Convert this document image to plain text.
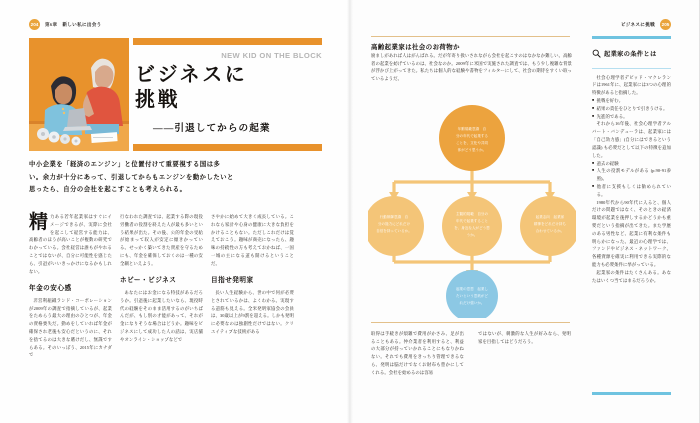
204	第6章 新しい私に出会う
NEW KID ON THE BLOCK
ビジネスに
挑戦
――引退してからの起業
中小企業を「経済のエンジン」と位置付けて重要視する国は多い。余力が十分にあって、引退してからもエンジンを動かしたいと思ったら、自分の会社を起こすことも考えられる。
精 力ある若年起業家はすぐにイメージできるが、実際に会社を起こして経営する能力は、高齢者のほうが高いことが複数の研究でわかっている。会社経営は誰もがやれることではないが、自分に可能性を感じたら、引退がいいきっかけになるかもしれない。
年金の安心感

非営利組織ランド・コーポレーションが2009年の調査で指摘しているが、起業をためらう最大の理由のひとつが、年金の資格喪失だ。勤めをしていれば年金が確保され老後も安心だというのに、それを捨てるのは大きな賭けだし、無謀ですらある。そのいっぽう、2015年にカナダで

行なわれた調査では、起業する際の現役労働者の役割を終えた人が最も多いという結果が出た。その後、公的年金の受給が始まって収入が安定に傾きかっている。せっかく築いてきた資産を守るためにも、年金を確保しておくのは一種の安全網といえよう。

ホビー・ビジネス

あなたにはお金になる特技があるだろうか。引退後に起業したいなら、現役時代の経験をそのまま活用するのがいちばんだが、もし別の才能があって、それが金になりそうな場合はどうか。趣味をビジネスにして成功した人の話は、実店舗やオンライン・ショップなどで

さやかに始めて大きく成長している。これなら家計や心身の健康に大きな負担をかけることもない。ただしこれだけは覚えておこう。趣味が商売になったら、趣味の持続性の方も考えておかねば、一国一城の主になる道も開けるということだ。

目指せ発明家

長い人生経験から、世の中で何が必要とされているかは、よくわかる。実現する道筋も見える。全米発明家協会の会員は、30歳以上が9割を超える。しかも発明に必要なのは独創性だけではない。クリエイティブな技術がある

ビジネスに挑戦	205
高齢起業家は社会のお荷物か
励ましがあれば人はがんばれる。だが年寄り扱いされながら会社を起こすのはなかなか難しい。高齢者の起業を妨げているのは、社会なのか。2009年に米国で実施された調査では、もう少し複雑な背景が浮かび上がってきた。私たちは個人的な経験や書物をフィルターにして、社会の期待をすくい取っているようだ。
年齢規範意識　自
分の年代で起業する
ことを、文化や共同
体がどう思うか。
行動制御意識　自
分の能力にどれだけ
自信を持っているか。
主観的規範　自分の
年代で起業すること
を、身近な人がどう思
うか。
起業志向　起業家
精神をどれだけ持ち
合わせているか。
起業の意思　起業し
たいという意欲がど
れだけ強いか。

取得は手続きが煩雑で費用がかさみ、足が出ることもある。仲介業者を利用すると、利益の大部分が持っていかれることにもなりかねない。それでも費用をきっちり管理できるなら、発明は脳だけでなくお財布も豊かにしてくれる。会社を始めるのは容易

ではないが、刺激的な人生が好みなら、発明家を目指してはどうだろう。

起業家の条件とは

社会心理学者デビッド・マクレランドは1961年に、起業家には3つの心理的特徴があると指摘した。

■ 挑戦を好む。

■ 結果の責任をひとりで引きうける。

■ 先進的である。

それから16年後、社会心理学者アルバート・バンデューラは、起業家には「自己効力感」(自分にはできるという認識) も必要だとして以下の特徴を追加した。

■ 過去の経験

■ 人生の役割モデルがある (p.90-91参照)。

■ 他者に支援もしくは勧められている。

1980年代から90年代に入ると、個人だけの問題ではなく、そのときの経済環境が起業を後押しするかどうかも重要だという指摘が出てきた。また学歴のある男性など、起業に有利な条件も明らかになった。最近の心理学では、ファンドやビジネス・ネットワーク、各種資源を確実に利用できる実際的な能力も必要条件に挙がっている。

起業家の条件はたくさんある。あなたはいくつ当てはまるだろうか。
